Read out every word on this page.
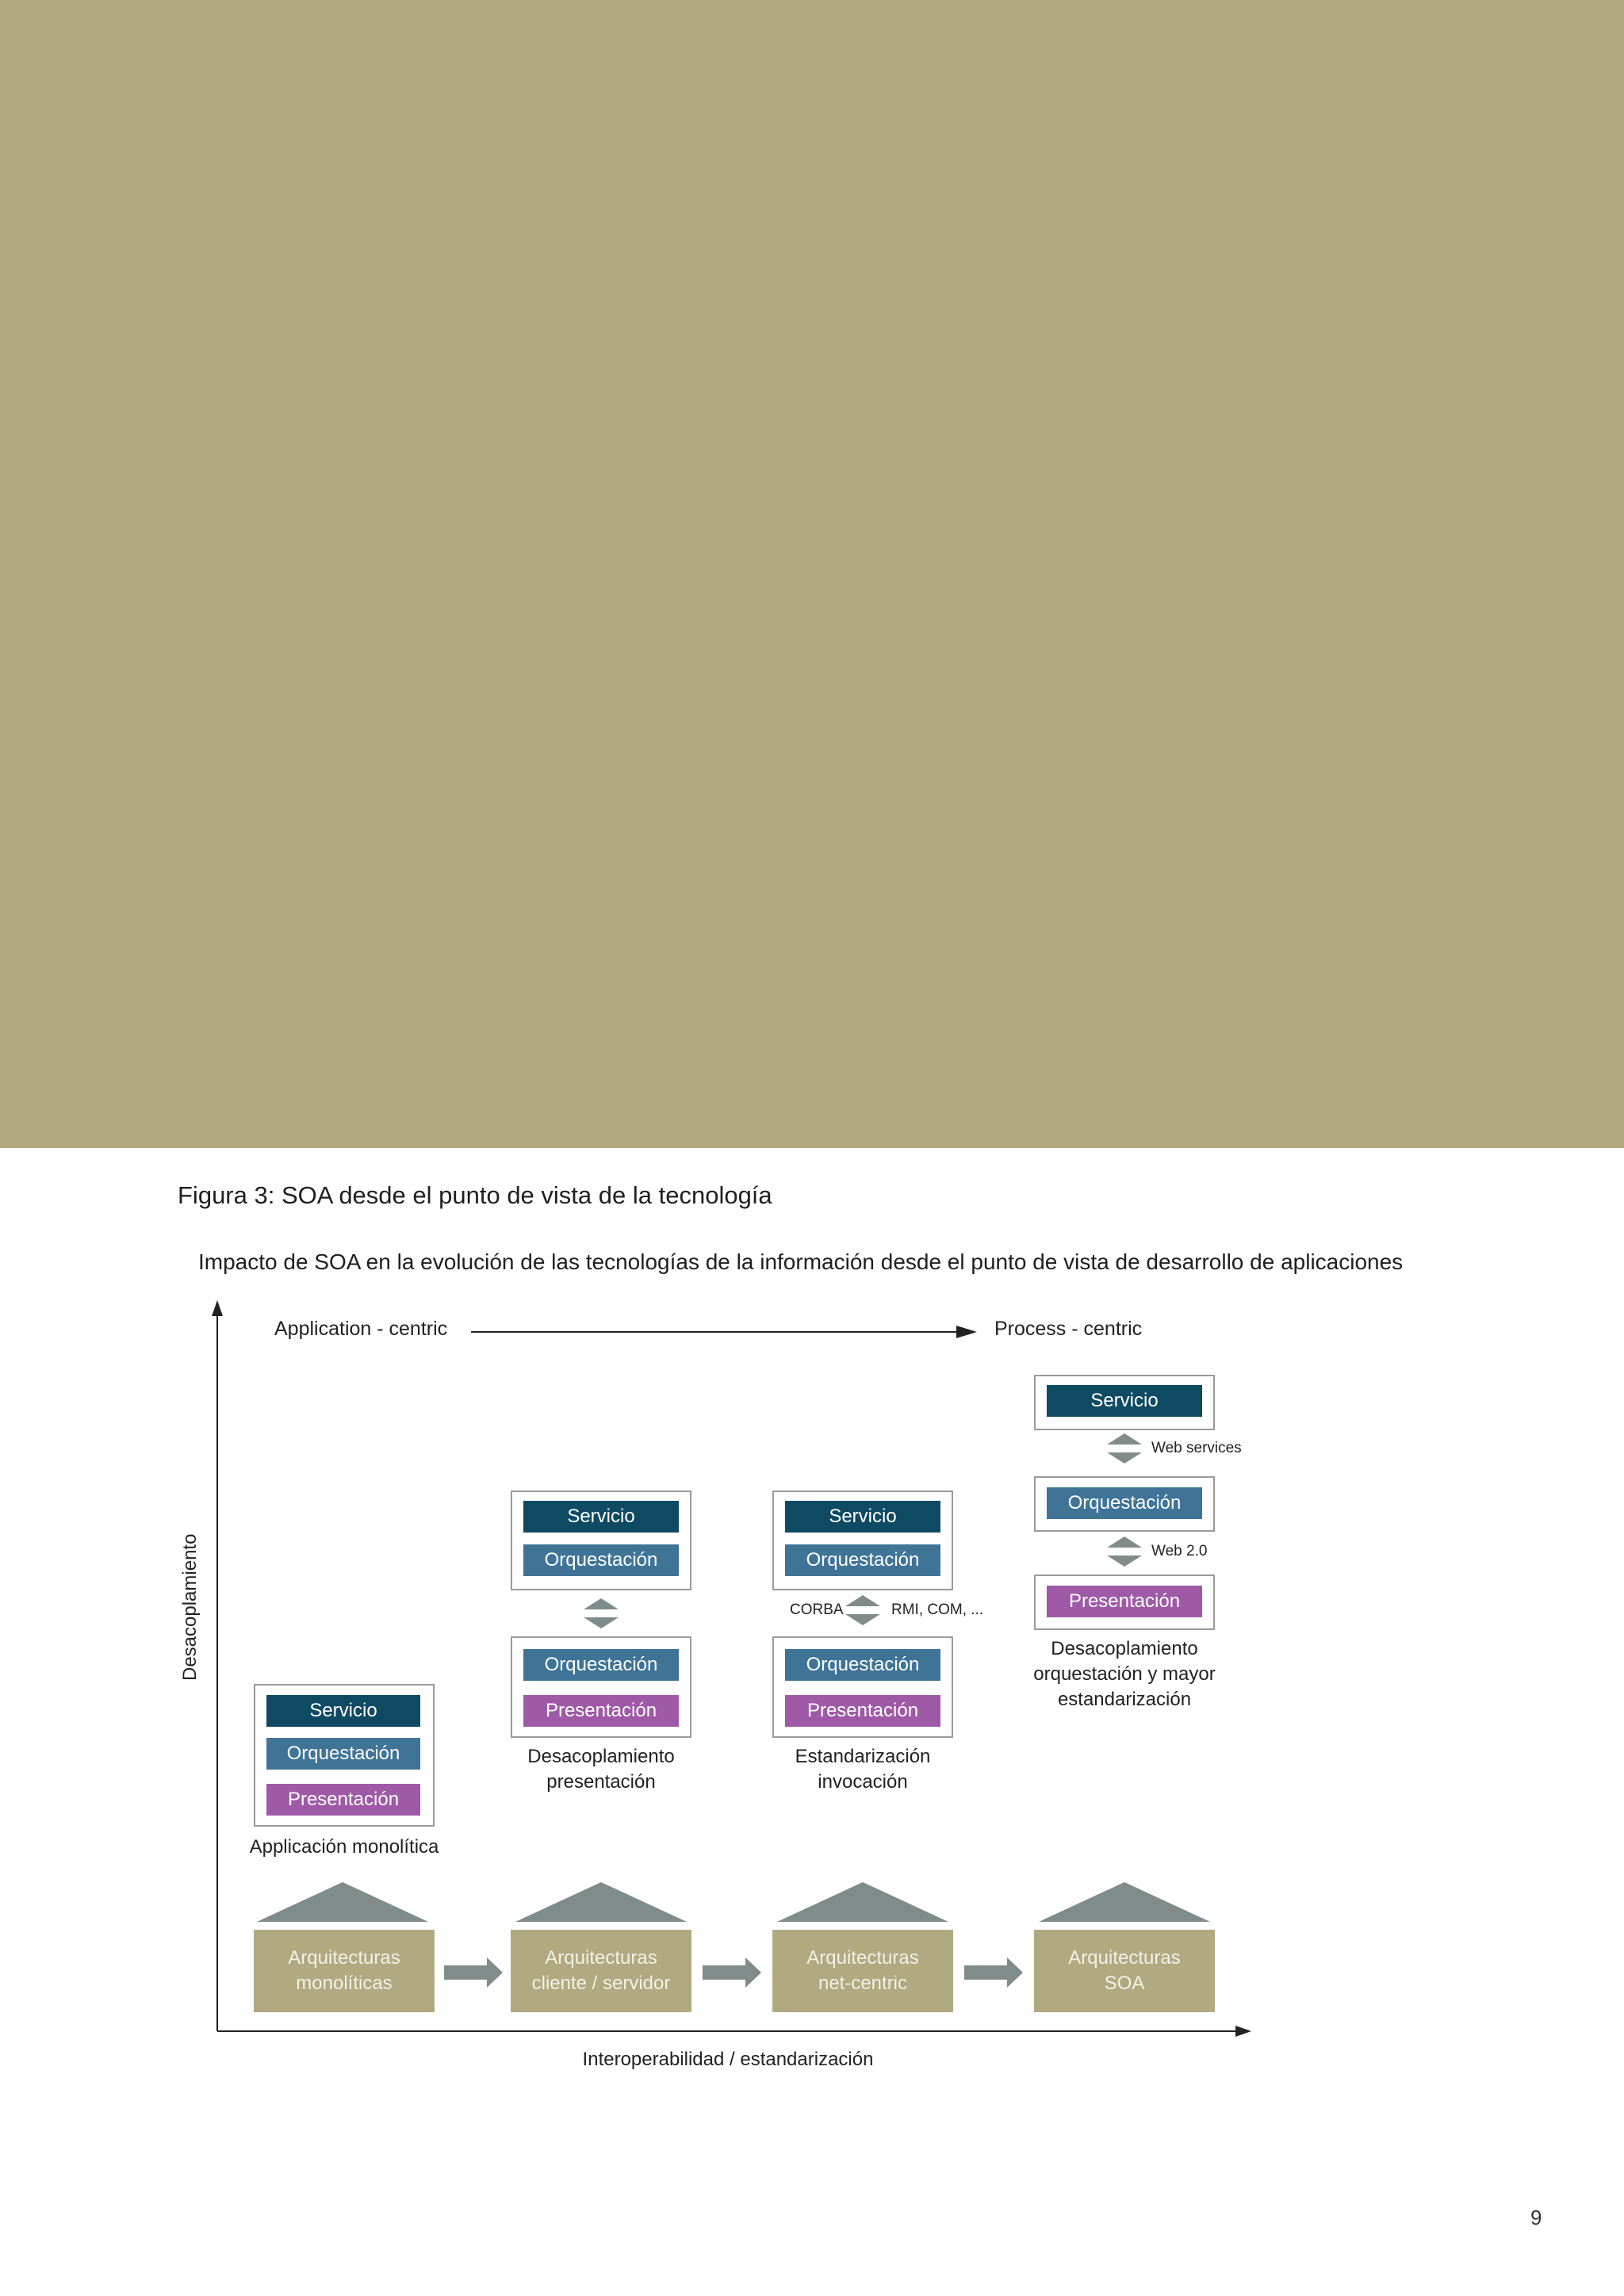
Figura 3: SOA desde el punto de vista de la tecnología
Impacto de SOA en la evolución de las tecnologías de la información desde el punto de vista de desarrollo de aplicaciones
Application - centric	Process - centric
Desacoplamiento
Interoperabilidad / estandarización
Servicio
Orquestación
Presentación
Applicación monolítica
Servicio
Orquestación
Orquestación
Presentación
Desacoplamiento
presentación
Servicio
Orquestación
CORBA	RMI, COM, ...
Orquestación
Presentación
Estandarización
invocación
Servicio
Web services
Orquestación
Web 2.0
Presentación
Desacoplamiento
orquestación y mayor
estandarización
Arquitecturas
monolíticas
Arquitecturas
cliente / servidor
Arquitecturas
net-centric
Arquitecturas
SOA
9
